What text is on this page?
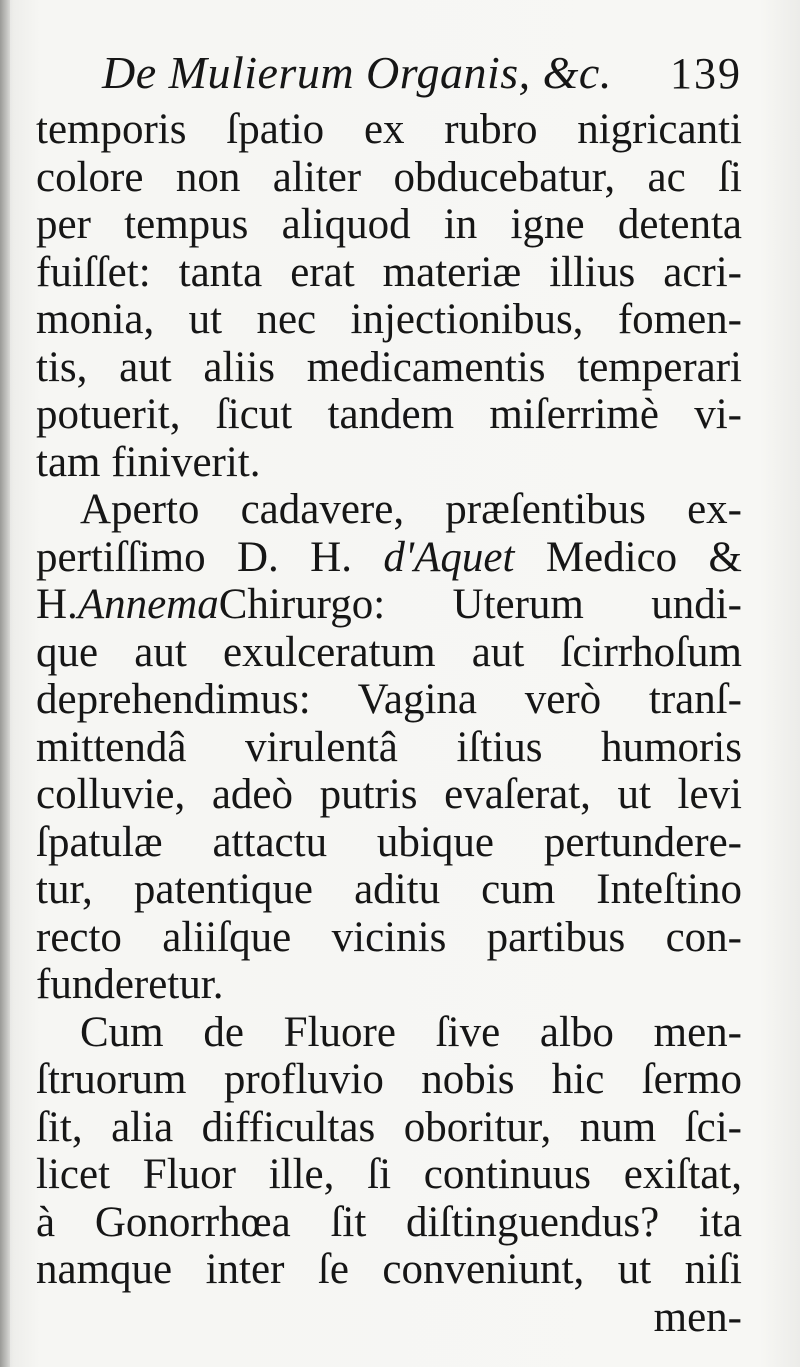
De Mulierum Organis, &c. 139
temporis ſpatio ex rubro nigricanti
colore non aliter obducebatur, ac ſi
per tempus aliquod in igne detenta
fuiſſet: tanta erat materiæ illius acri-
monia, ut nec injectionibus, fomen-
tis, aut aliis medicamentis temperari
potuerit, ſicut tandem miſerrimè vi-
tam finiverit.
Aperto cadavere, præſentibus ex-
pertiſſimo D. H. d'Aquet Medico &
H.AnnemaChirurgo: Uterum undi-
que aut exulceratum aut ſcirrhoſum
deprehendimus: Vagina verò tranſ-
mittendâ virulentâ iſtius humoris
colluvie, adeò putris evaſerat, ut levi
ſpatulæ attactu ubique pertundere-
tur, patentique aditu cum Inteſtino
recto aliiſque vicinis partibus con-
funderetur.
Cum de Fluore ſive albo men-
ſtruorum profluvio nobis hic ſermo
ſit, alia difficultas oboritur, num ſci-
licet Fluor ille, ſi continuus exiſtat,
à Gonorrhœa ſit diſtinguendus? ita
namque inter ſe conveniunt, ut niſi
men-
